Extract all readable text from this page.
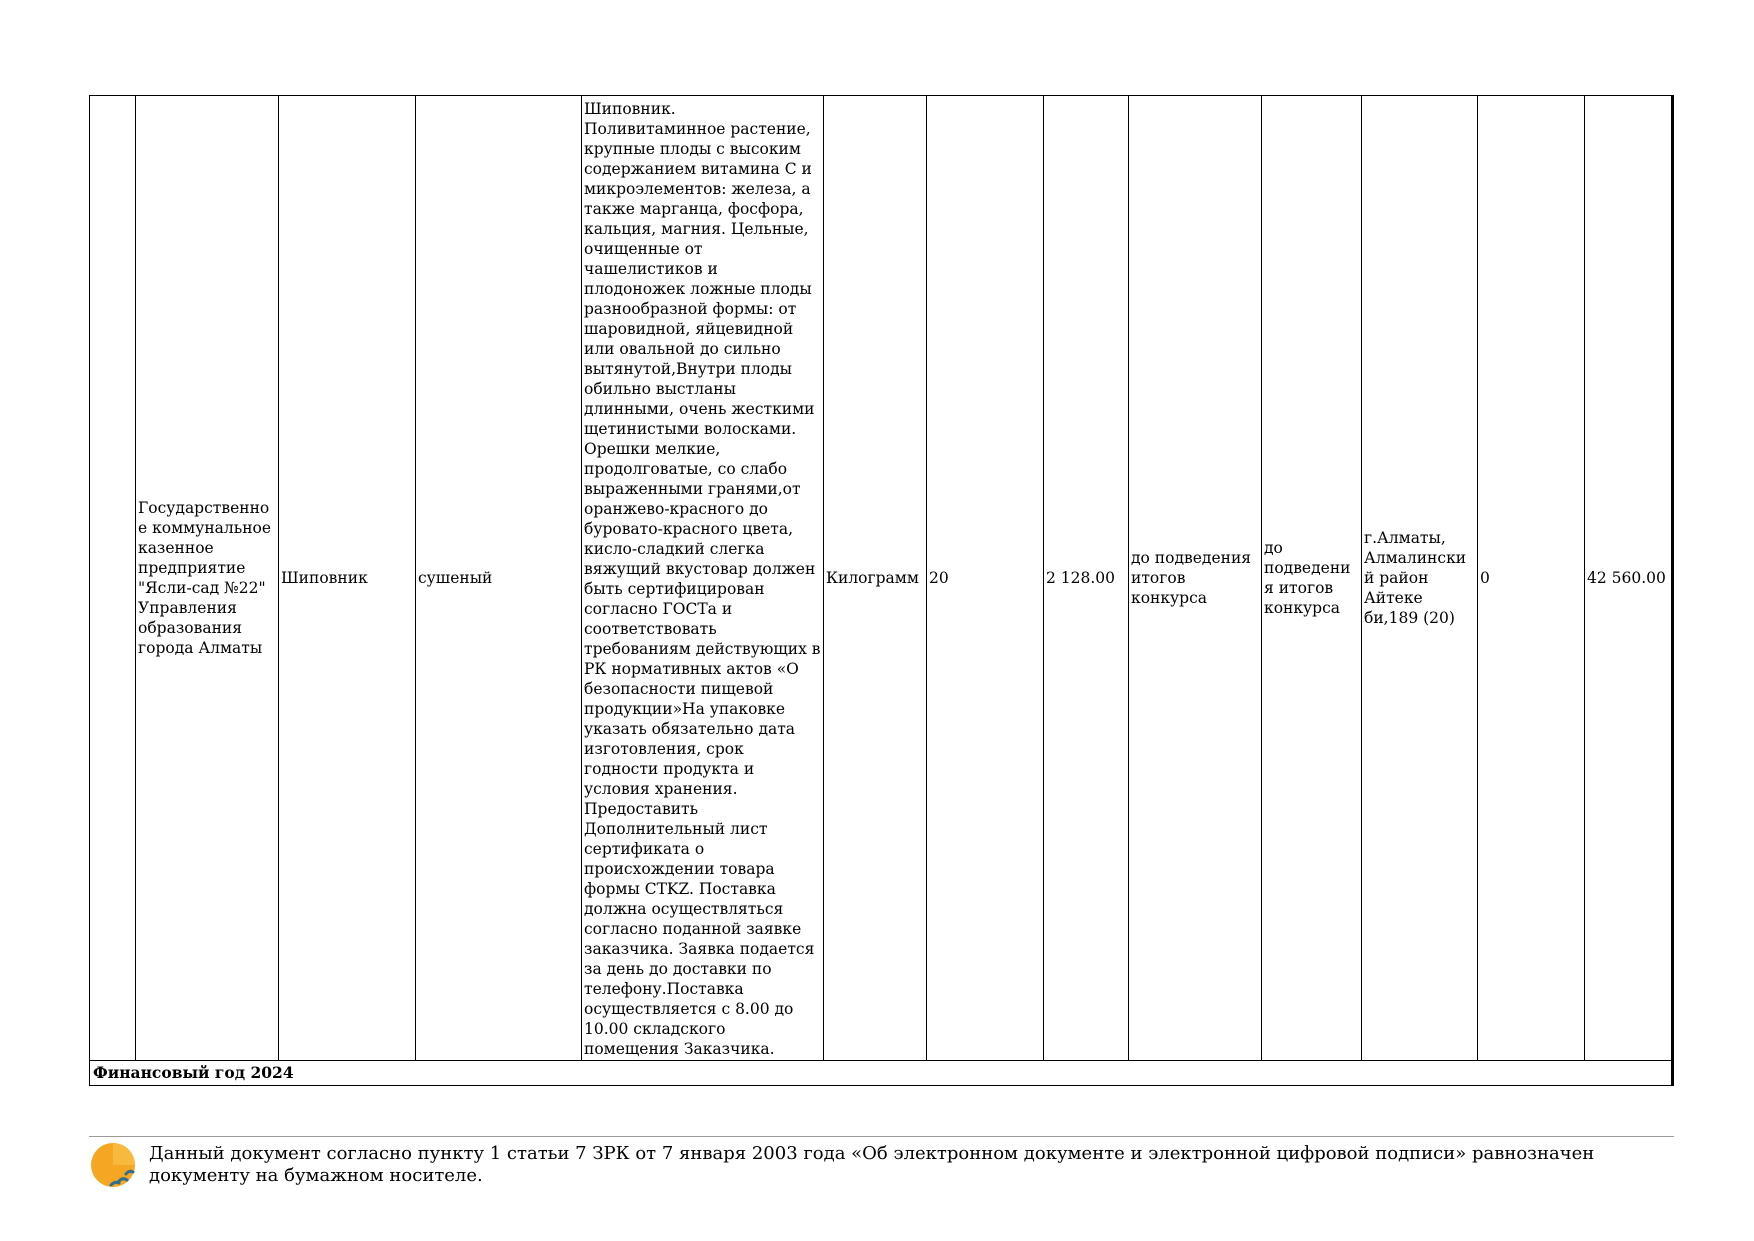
	Государственное коммунальное казенное предприятие "Ясли-сад №22" Управления образования города Алматы	Шиповник	сушеный	Шиповник. Поливитаминное растение, крупные плоды с высоким содержанием витамина С и микроэлементов: железа, а также марганца, фосфора, кальция, магния. Цельные, очищенные от чашелистиков и плодоножек ложные плоды разнообразной формы: от шаровидной, яйцевидной или овальной до сильно вытянутой,Внутри плоды обильно выстланы длинными, очень жесткими щетинистыми волосками. Орешки мелкие, продолговатые, со слабо выраженными гранями,от оранжево-красного до буровато-красного цвета, кисло-сладкий слегка вяжущий вкустовар должен быть сертифицирован согласно ГОСТа и соответствовать требованиям действующих в РК нормативных актов «О безопасности пищевой продукции»На упаковке указать обязательно дата изготовления, срок годности продукта и условия хранения. Предоставить Дополнительный лист сертификата о происхождении товара формы CTKZ. Поставка должна осуществляться согласно поданной заявке заказчика. Заявка подается за день до доставки по телефону.Поставка осуществляется с 8.00 до 10.00 складского помещения Заказчика.	Килограмм	20	2 128.00	до подведения итогов конкурса	до подведения итогов конкурса	г.Алматы, Алмалинский район Айтеке би,189 (20)	0	42 560.00
Финансовый год 2024
Данный документ согласно пункту 1 статьи 7 ЗРК от 7 января 2003 года «Об электронном документе и электронной цифровой подписи» равнозначен документу на бумажном носителе.
